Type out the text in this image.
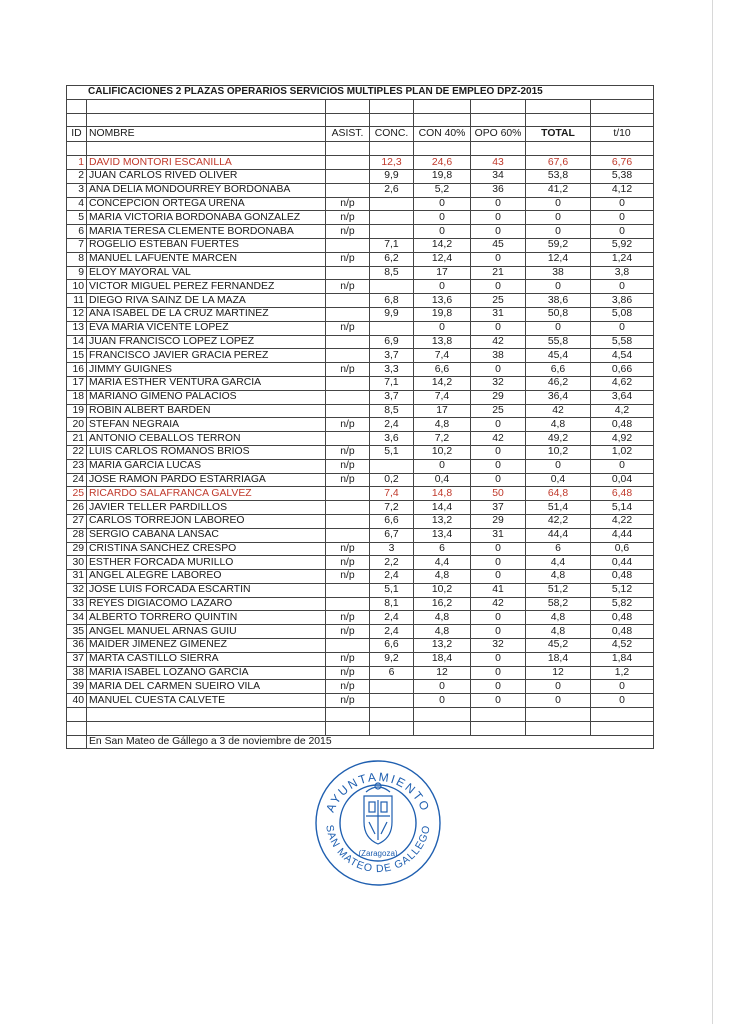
CALIFICACIONES 2 PLAZAS OPERARIOS SERVICIOS MULTIPLES PLAN DE EMPLEO DPZ-2015							

ID	NOMBRE	ASIST.	CONC.	CON 40%	OPO 60%	TOTAL	t/10

1	DAVID MONTORI ESCANILLA		12,3	24,6	43	67,6	6,76
2	JUAN CARLOS RIVED OLIVER		9,9	19,8	34	53,8	5,38
3	ANA DELIA MONDOURREY BORDONABA		2,6	5,2	36	41,2	4,12
4	CONCEPCION ORTEGA UREÑA	n/p		0	0	0	0
5	MARIA VICTORIA BORDONABA GONZALEZ	n/p		0	0	0	0
6	MARIA TERESA CLEMENTE BORDONABA	n/p		0	0	0	0
7	ROGELIO ESTEBAN FUERTES		7,1	14,2	45	59,2	5,92
8	MANUEL LAFUENTE MARCEN	n/p	6,2	12,4	0	12,4	1,24
9	ELOY MAYORAL VAL		8,5	17	21	38	3,8
10	VICTOR MIGUEL PEREZ FERNANDEZ	n/p		0	0	0	0
11	DIEGO RIVA SAINZ DE LA MAZA		6,8	13,6	25	38,6	3,86
12	ANA ISABEL DE LA CRUZ MARTINEZ		9,9	19,8	31	50,8	5,08
13	EVA MARIA VICENTE LOPEZ	n/p		0	0	0	0
14	JUAN FRANCISCO LOPEZ LOPEZ		6,9	13,8	42	55,8	5,58
15	FRANCISCO JAVIER GRACIA PEREZ		3,7	7,4	38	45,4	4,54
16	JIMMY GUIGNES	n/p	3,3	6,6	0	6,6	0,66
17	MARIA ESTHER VENTURA GARCIA		7,1	14,2	32	46,2	4,62
18	MARIANO GIMENO PALACIOS		3,7	7,4	29	36,4	3,64
19	ROBIN ALBERT BARDEN		8,5	17	25	42	4,2
20	STEFAN NEGRAIA	n/p	2,4	4,8	0	4,8	0,48
21	ANTONIO CEBALLOS TERRON		3,6	7,2	42	49,2	4,92
22	LUIS CARLOS ROMANOS BRIOS	n/p	5,1	10,2	0	10,2	1,02
23	MARIA GARCIA LUCAS	n/p		0	0	0	0
24	JOSE RAMON PARDO ESTARRIAGA	n/p	0,2	0,4	0	0,4	0,04
25	RICARDO SALAFRANCA GALVEZ		7,4	14,8	50	64,8	6,48
26	JAVIER TELLER PARDILLOS		7,2	14,4	37	51,4	5,14
27	CARLOS TORREJON LABOREO		6,6	13,2	29	42,2	4,22
28	SERGIO CABANA LANSAC		6,7	13,4	31	44,4	4,44
29	CRISTINA SANCHEZ CRESPO	n/p	3	6	0	6	0,6
30	ESTHER FORCADA MURILLO	n/p	2,2	4,4	0	4,4	0,44
31	ANGEL ALEGRE LABOREO	n/p	2,4	4,8	0	4,8	0,48
32	JOSE LUIS FORCADA ESCARTIN		5,1	10,2	41	51,2	5,12
33	REYES DIGIACOMO LAZARO		8,1	16,2	42	58,2	5,82
34	ALBERTO TORRERO QUINTIN	n/p	2,4	4,8	0	4,8	0,48
35	ANGEL MANUEL ARNAS GUIU	n/p	2,4	4,8	0	4,8	0,48
36	MAIDER JIMENEZ GIMENEZ		6,6	13,2	32	45,2	4,52
37	MARTA CASTILLO SIERRA	n/p	9,2	18,4	0	18,4	1,84
38	MARIA ISABEL LOZANO GARCIA	n/p	6	12	0	12	1,2
39	MARIA DEL CARMEN SUEIRO VILA	n/p		0	0	0	0
40	MANUEL CUESTA CALVETE	n/p		0	0	0	0

	En San Mateo de Gállego a 3 de noviembre de 2015						
AYUNTAMIENTO
SAN MATEO DE GALLEGO
(Zaragoza)
